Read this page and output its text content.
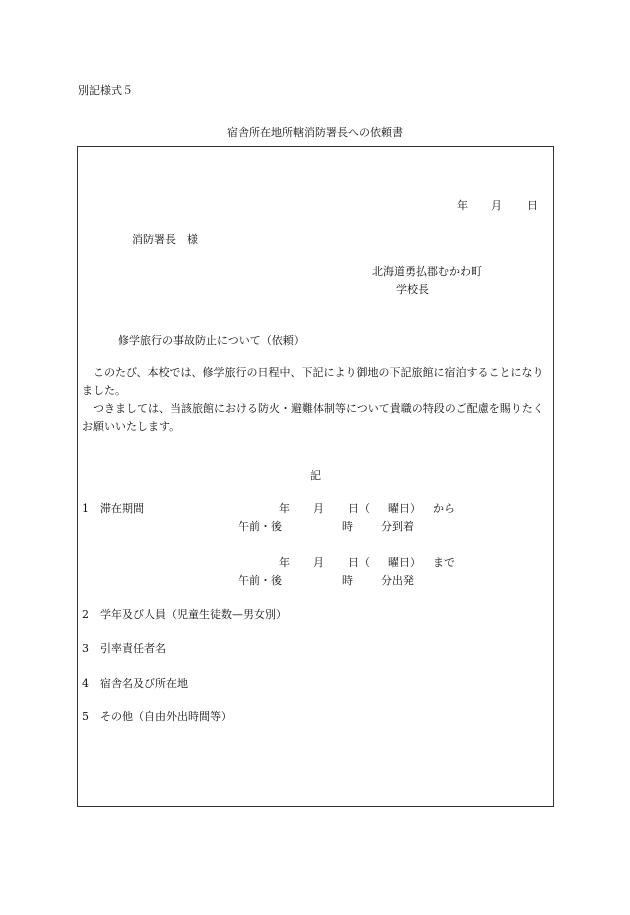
別記様式５
宿舎所在地所轄消防署長への依頼書
年 月 日
消防署長　様
北海道勇払郡むかわ町
学校長
修学旅行の事故防止について（依頼）
　このたび、本校では、修学旅行の日程中、下記により御地の下記旅館に宿泊することになりました。
　つきましては、当該旅館における防火・避難体制等について貴職の特段のご配慮を賜りたくお願いいたします。
記
1 滞在期間	年 月 日（ 曜日） から
午前・後	時	分到着
年 月 日（ 曜日） まで
午前・後	時	分出発
2 学年及び人員（児童生徒数—男女別）
3 引率責任者名
4 宿舎名及び所在地
5 その他（自由外出時間等）
